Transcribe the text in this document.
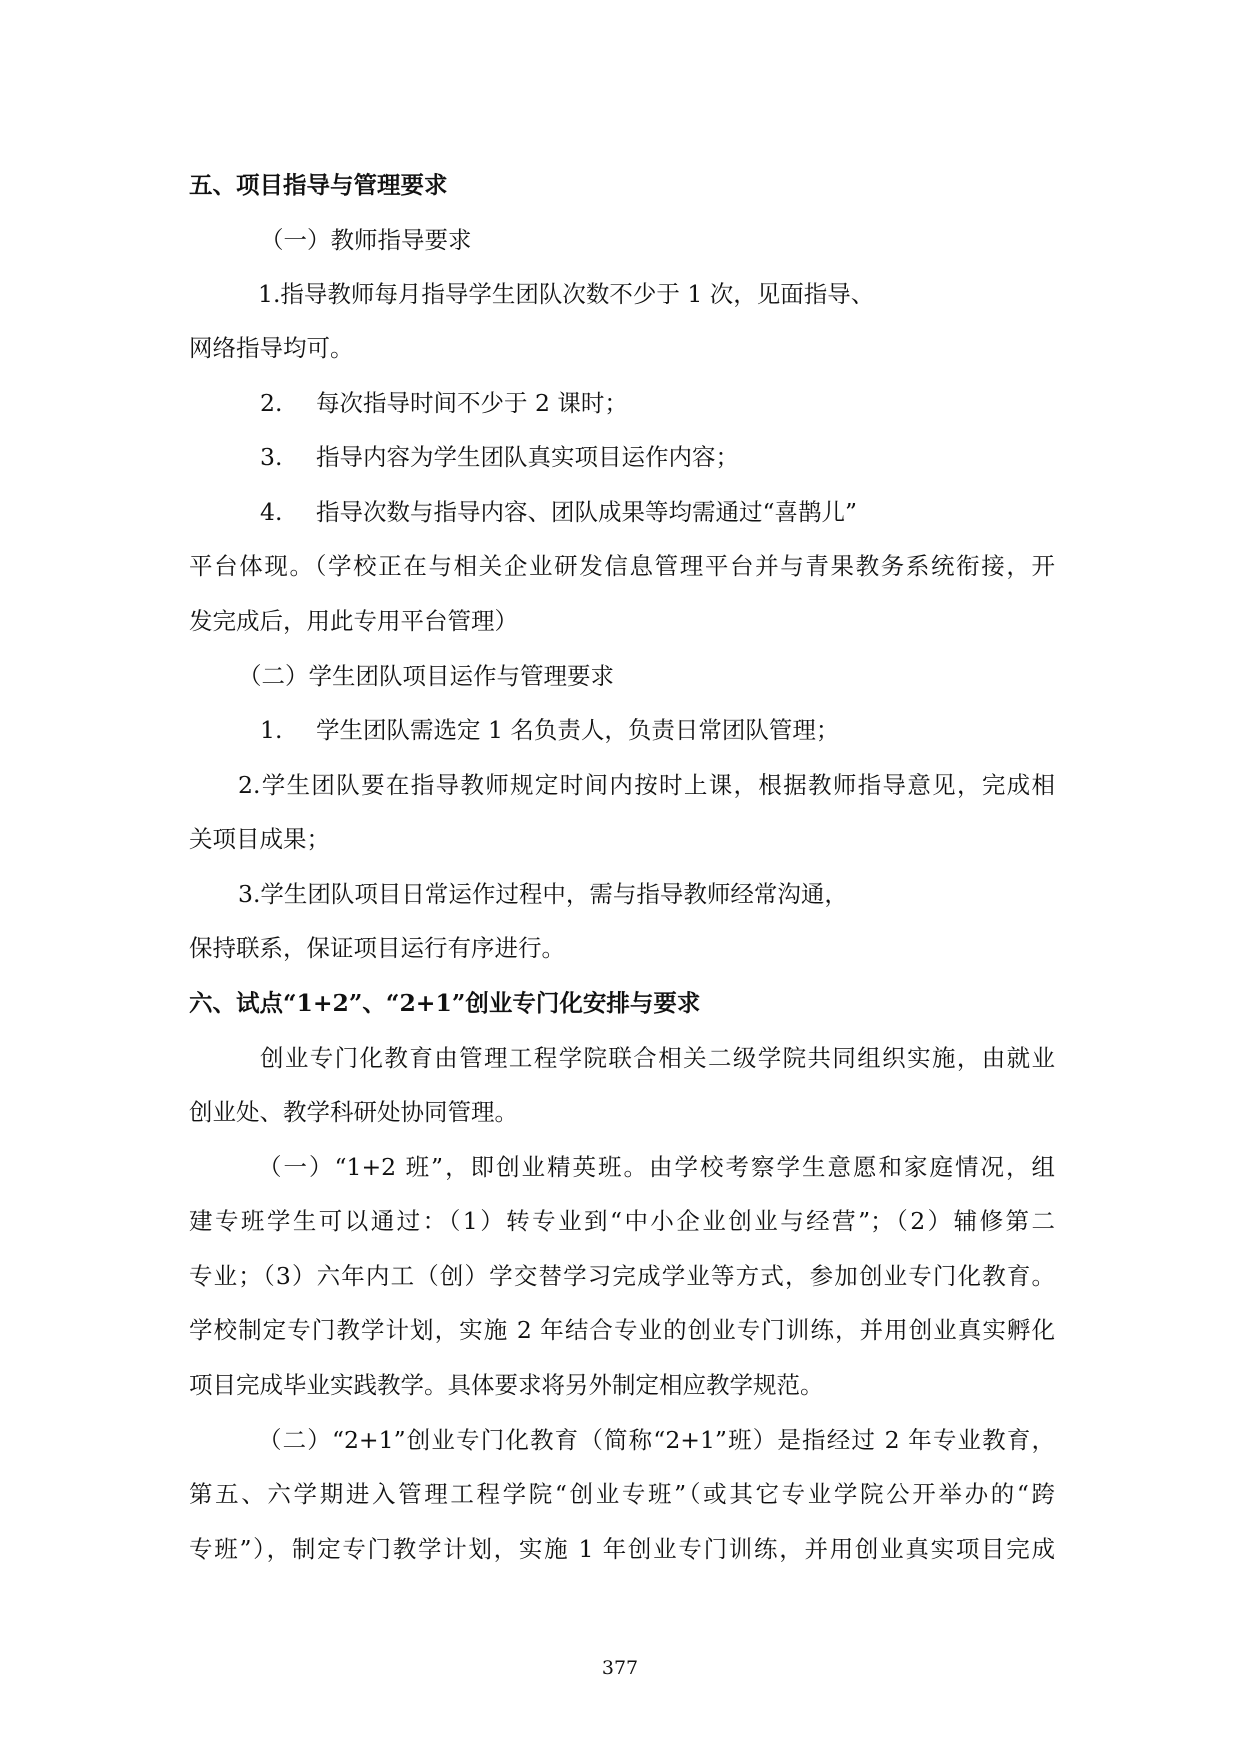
五、项目指导与管理要求
（一）教师指导要求
1.指导教师每月指导学生团队次数不少于 1 次，见面指导、
网络指导均可。
2. 每次指导时间不少于 2 课时；
3. 指导内容为学生团队真实项目运作内容；
4. 指导次数与指导内容、团队成果等均需通过“喜鹊儿”
平台体现。（学校正在与相关企业研发信息管理平台并与青果教务系统衔接，开
发完成后，用此专用平台管理）
（二）学生团队项目运作与管理要求
1. 学生团队需选定 1 名负责人，负责日常团队管理；
2.学生团队要在指导教师规定时间内按时上课，根据教师指导意见，完成相
关项目成果；
3.学生团队项目日常运作过程中，需与指导教师经常沟通，
保持联系，保证项目运行有序进行。
六、试点“1+2”、“2+1”创业专门化安排与要求
创业专门化教育由管理工程学院联合相关二级学院共同组织实施，由就业
创业处、教学科研处协同管理。
（一）“1+2 班”，即创业精英班。由学校考察学生意愿和家庭情况，组
建专班学生可以通过：（1）转专业到“中小企业创业与经营”；（2）辅修第二
专业；（3）六年内工（创）学交替学习完成学业等方式，参加创业专门化教育。
学校制定专门教学计划，实施 2 年结合专业的创业专门训练，并用创业真实孵化
项目完成毕业实践教学。具体要求将另外制定相应教学规范。
（二）“2+1”创业专门化教育（简称“2+1”班）是指经过 2 年专业教育，
第五、六学期进入管理工程学院“创业专班”（或其它专业学院公开举办的“跨
专班”），制定专门教学计划，实施 1 年创业专门训练，并用创业真实项目完成
377
